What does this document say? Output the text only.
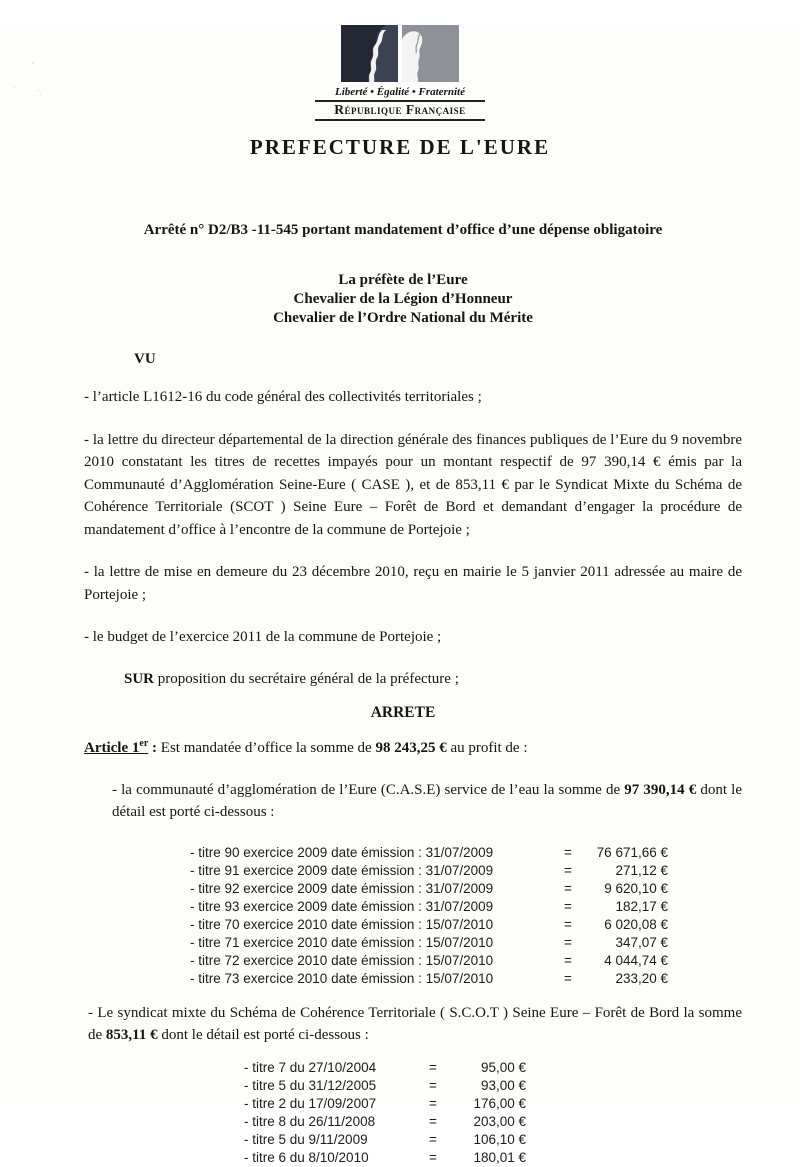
`
'	'.	Liberté • Égalité • Fraternité
République Française
PREFECTURE DE L'EURE
Arrêté n° D2/B3 -11-545 portant mandatement d’office d’une dépense obligatoire
La préfète de l’Eure
Chevalier de la Légion d’Honneur
Chevalier de l’Ordre National du Mérite
VU
- l’article L1612-16 du code général des collectivités territoriales ;
- la lettre du directeur départemental de la direction générale des finances publiques de l’Eure du 9 novembre 2010 constatant les titres de recettes impayés pour un montant respectif de 97 390,14 € émis par la Communauté d’Agglomération Seine-Eure ( CASE ), et de 853,11 € par le Syndicat Mixte du Schéma de Cohérence Territoriale (SCOT ) Seine Eure – Forêt de Bord et demandant d’engager la procédure de mandatement d’office à l’encontre de la commune de Portejoie ;
- la lettre de mise en demeure du 23 décembre 2010, reçu en mairie le 5 janvier 2011 adressée au maire de Portejoie ;
- le budget de l’exercice 2011 de la commune de Portejoie ;
SUR proposition du secrétaire général de la préfecture ;
ARRETE
Article 1er : Est mandatée d’office la somme de 98 243,25 € au profit de :
- la communauté d’agglomération de l’Eure (C.A.S.E) service de l’eau la somme de 97 390,14 € dont le détail est porté ci-dessous :
- titre 90 exercice 2009 date émission : 31/07/2009	=	76 671,66 €
- titre 91 exercice 2009 date émission : 31/07/2009	=	271,12 €
- titre 92 exercice 2009 date émission : 31/07/2009	=	9 620,10 €
- titre 93 exercice 2009 date émission : 31/07/2009	=	182,17 €
- titre 70 exercice 2010 date émission : 15/07/2010	=	6 020,08 €
- titre 71 exercice 2010 date émission : 15/07/2010	=	347,07 €
- titre 72 exercice 2010 date émission : 15/07/2010	=	4 044,74 €
- titre 73 exercice 2010 date émission : 15/07/2010	=	233,20 €
- Le syndicat mixte du Schéma de Cohérence Territoriale ( S.C.O.T ) Seine Eure – Forêt de Bord la somme de 853,11 € dont le détail est porté ci-dessous :
- titre 7 du 27/10/2004	=	95,00 €
- titre 5 du 31/12/2005	=	93,00 €
- titre 2 du 17/09/2007	=	176,00 €
- titre 8 du 26/11/2008	=	203,00 €
- titre 5 du 9/11/2009	=	106,10 €
- titre 6 du 8/10/2010	=	180,01 €
